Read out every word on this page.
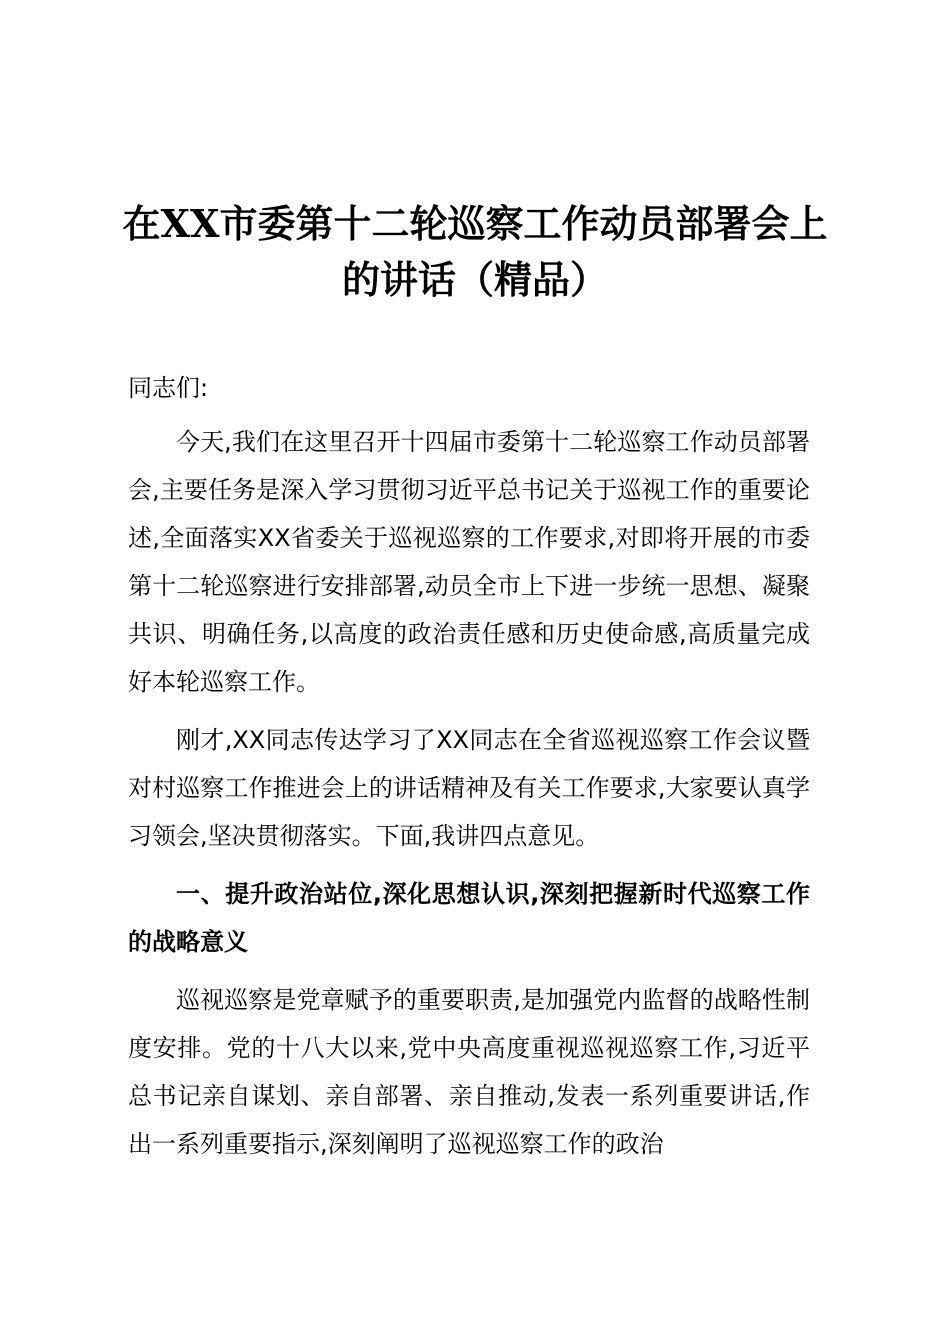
在XX市委第十二轮巡察工作动员部署会上的讲话（精品）

同志们:

今天,我们在这里召开十四届市委第十二轮巡察工作动员部署会,主要任务是深入学习贯彻习近平总书记关于巡视工作的重要论述,全面落实XX省委关于巡视巡察的工作要求,对即将开展的市委第十二轮巡察进行安排部署,动员全市上下进一步统一思想、凝聚共识、明确任务,以高度的政治责任感和历史使命感,高质量完成好本轮巡察工作。

刚才,XX同志传达学习了XX同志在全省巡视巡察工作会议暨对村巡察工作推进会上的讲话精神及有关工作要求,大家要认真学习领会,坚决贯彻落实。下面,我讲四点意见。

一、提升政治站位,深化思想认识,深刻把握新时代巡察工作的战略意义

巡视巡察是党章赋予的重要职责,是加强党内监督的战略性制度安排。党的十八大以来,党中央高度重视巡视巡察工作,习近平总书记亲自谋划、亲自部署、亲自推动,发表一系列重要讲话,作出一系列重要指示,深刻阐明了巡视巡察工作的政治
